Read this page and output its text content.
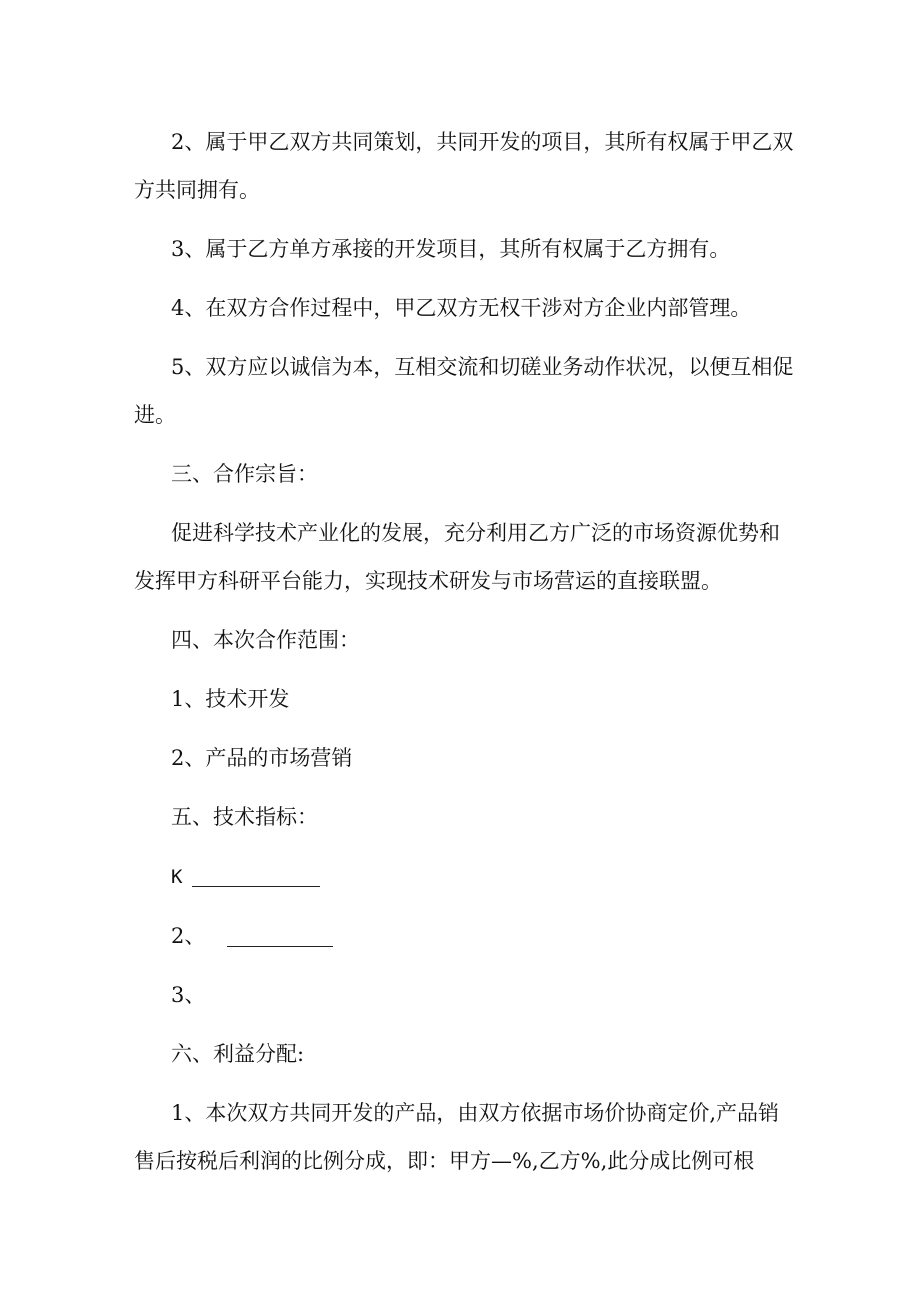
2、属于甲乙双方共同策划，共同开发的项目，其所有权属于甲乙双方共同拥有。

3、属于乙方单方承接的开发项目，其所有权属于乙方拥有。

4、在双方合作过程中，甲乙双方无权干涉对方企业内部管理。

5、双方应以诚信为本，互相交流和切磋业务动作状况，以便互相促进。

三、合作宗旨：

促进科学技术产业化的发展，充分利用乙方广泛的市场资源优势和发挥甲方科研平台能力，实现技术研发与市场营运的直接联盟。

四、本次合作范围：

1、技术开发

2、产品的市场营销

五、技术指标：

K

2、

3、

六、利益分配:

1、本次双方共同开发的产品，由双方依据市场价协商定价,产品销售后按税后利润的比例分成，即：甲方—%,乙方%,此分成比例可根
